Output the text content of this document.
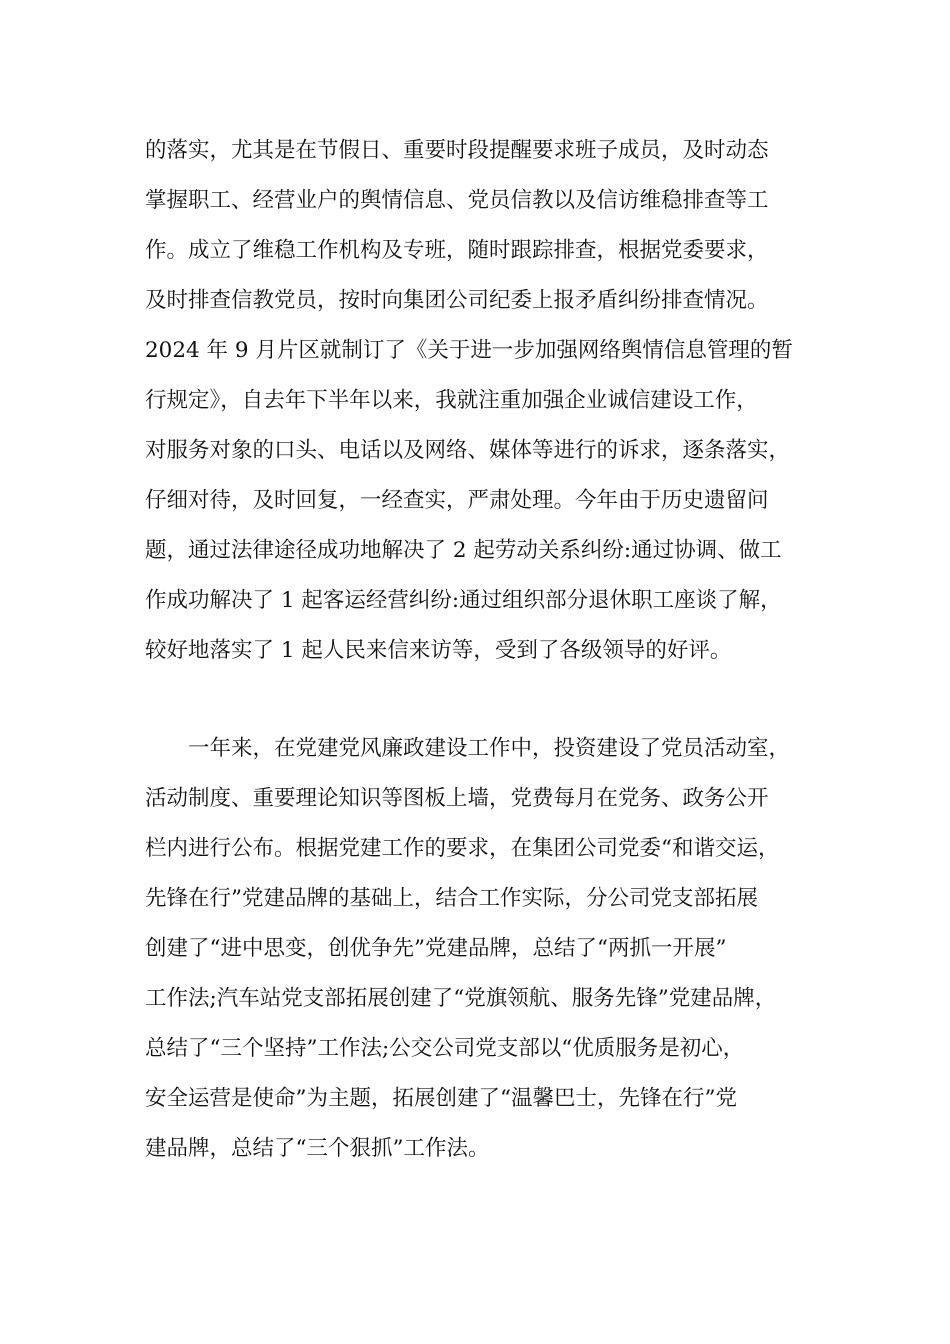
的落实，尤其是在节假日、重要时段提醒要求班子成员，及时动态
掌握职工、经营业户的舆情信息、党员信教以及信访维稳排查等工
作。成立了维稳工作机构及专班，随时跟踪排查，根据党委要求，
及时排查信教党员，按时向集团公司纪委上报矛盾纠纷排查情况。
2024 年 9 月片区就制订了《关于进一步加强网络舆情信息管理的暂
行规定》，自去年下半年以来，我就注重加强企业诚信建设工作，
对服务对象的口头、电话以及网络、媒体等进行的诉求，逐条落实，
仔细对待，及时回复，一经查实，严肃处理。今年由于历史遗留问
题，通过法律途径成功地解决了 2 起劳动关系纠纷:通过协调、做工
作成功解决了 1 起客运经营纠纷:通过组织部分退休职工座谈了解，
较好地落实了 1 起人民来信来访等，受到了各级领导的好评。
一年来，在党建党风廉政建设工作中，投资建设了党员活动室，
活动制度、重要理论知识等图板上墙，党费每月在党务、政务公开
栏内进行公布。根据党建工作的要求，在集团公司党委“和谐交运，
先锋在行”党建品牌的基础上，结合工作实际，分公司党支部拓展
创建了“进中思变，创优争先”党建品牌，总结了“两抓一开展”
工作法;汽车站党支部拓展创建了“党旗领航、服务先锋”党建品牌，
总结了“三个坚持”工作法;公交公司党支部以“优质服务是初心，
安全运营是使命”为主题，拓展创建了“温馨巴士，先锋在行”党
建品牌，总结了“三个狠抓”工作法。
